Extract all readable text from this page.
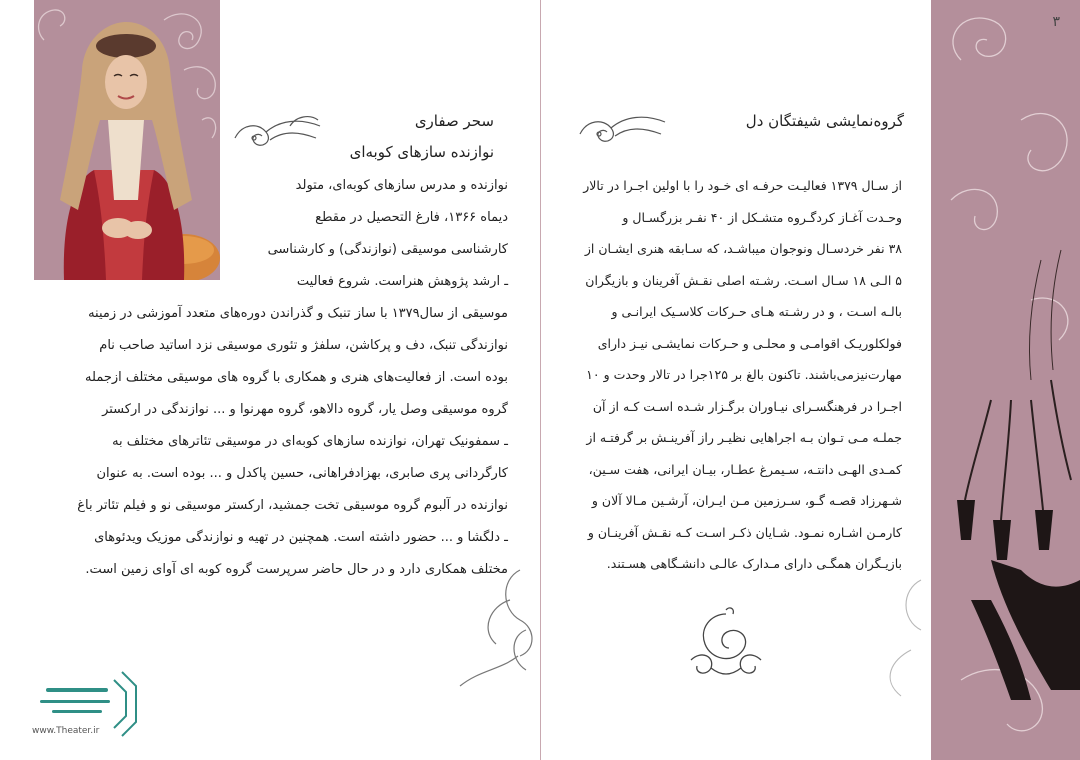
سحر صفاری
نوازنده سازهای کوبه‌ای
نوازنده و مدرس سازهای کوبه‌ای، متولد
دیماه ۱۳۶۶، فارغ التحصیل در مقطع
کارشناسی موسیقی (نوازندگی) و کارشناسی
ـ ارشد پژوهش هنراست. شروع فعالیت
موسیقی از سال۱۳۷۹ با ساز تنبک و گذراندن دوره‌های متعدد آموزشی در زمینه
نوازندگی تنبک، دف و پرکاشن، سلفژ و تئوری موسیقی نزد اساتید صاحب نام
بوده است. از فعالیت‌های هنری و همکاری با گروه های موسیقی مختلف ازجمله
گروه موسیقی وصل یار، گروه دالاهو، گروه مهرنوا و ... نوازندگی در ارکستر
ـ سمفونیک تهران، نوازنده سازهای کوبه‌ای در موسیقی تئاترهای مختلف به
کارگردانی پری صابری، بهزادفراهانی، حسین پاکدل و ... بوده است. به عنوان
نوازنده در آلبوم گروه موسیقی تخت جمشید، ارکستر موسیقی نو و فیلم تئاتر باغ
ـ دلگشا و ... حضور داشته است. همچنین در تهیه و نوازندگی موزیک ویدئوهای
مختلف همکاری دارد و در حال حاضر سرپرست گروه کوبه ای آوای زمین است.
www.Theater.ir
۳
گروه‌نمایشی شیفتگان دل
از سـال ۱۳۷۹ فعالیـت حرفـه ای خـود را با اولین اجـرا در تالار
وحـدت آغـاز کردگـروه متشـکل از ۴۰ نفـر بزرگسـال و
۳۸ نفر خردسـال ونوجوان میباشـد، که سـابقه هنری ایشـان از
۵ الـی ۱۸ سـال اسـت. رشـته اصلی نقـش آفرینان و بازیگران
بالـه اسـت ، و در رشـته هـای حـرکات کلاسـیک ایرانـی و
فولکلوریـک اقوامـی و محلـی و حـرکات نمایشـی نیـز دارای
مهارت‌نیزمی‌باشند. تاکنون بالغ بر ۱۲۵جرا در تالار وحدت و ۱۰
اجـرا در فرهنگسـرای نیـاوران برگـزار شـده اسـت کـه از آن
جملـه مـی تـوان بـه اجراهایی نظیـر راز آفرینـش بر گرفتـه از
کمـدی الهـی دانتـه، سـیمرغ عطـار، بیـان ایرانی، هفت سـین،
شـهرزاد قصـه گـو، سـرزمین مـن ایـران، آرشـین مـالا آلان و
کارمـن اشـاره نمـود. شـایان ذکـر اسـت کـه نقـش آفرینـان و
بازیـگران همگـی دارای مـدارک عالـی دانشـگاهی هسـتند.
